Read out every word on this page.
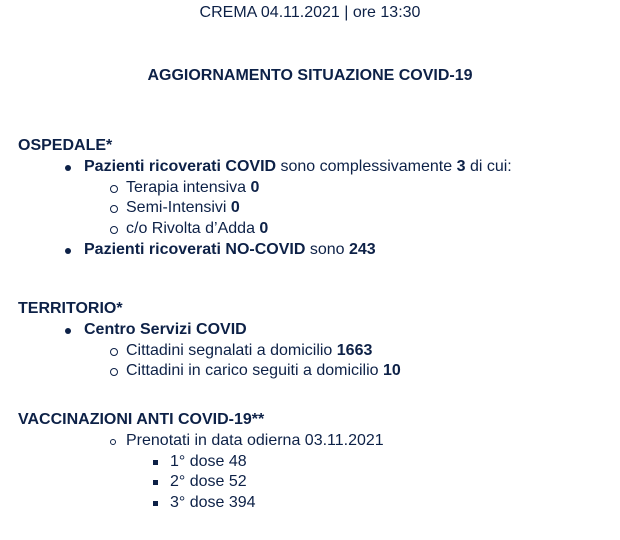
CREMA 04.11.2021 | ore 13:30
AGGIORNAMENTO SITUAZIONE COVID-19
OSPEDALE*
Pazienti ricoverati COVID sono complessivamente 3 di cui:
Terapia intensiva 0
Semi-Intensivi 0
c/o Rivolta d’Adda 0
Pazienti ricoverati NO-COVID sono 243
TERRITORIO*
Centro Servizi COVID
Cittadini segnalati a domicilio 1663
Cittadini in carico seguiti a domicilio 10
VACCINAZIONI ANTI COVID-19**
Prenotati in data odierna 03.11.2021
1° dose 48
2° dose 52
3° dose 394
